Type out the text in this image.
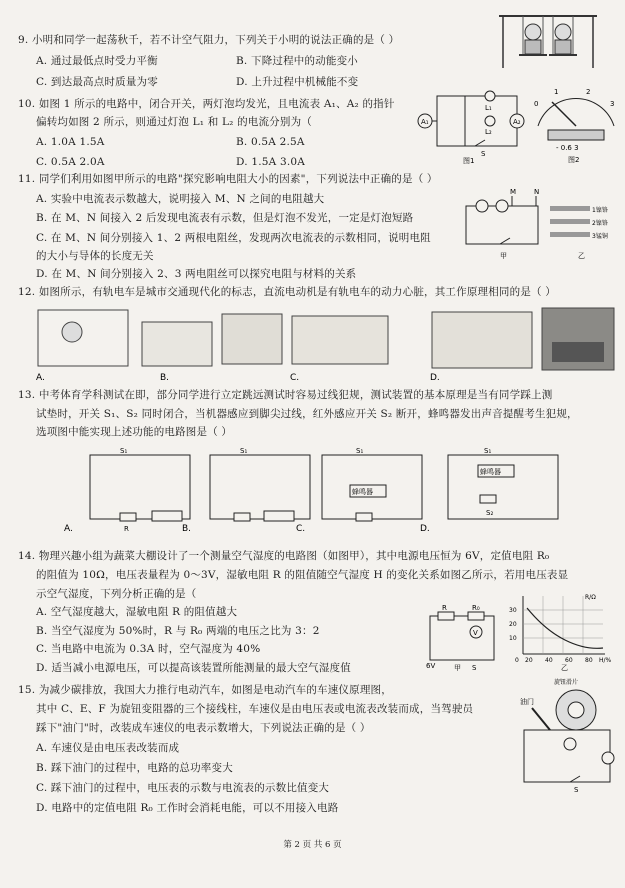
9. 小明和同学一起荡秋千，若不计空气阻力，下列关于小明的说法正确的是（ ）
A. 通过最低点时受力平衡	B. 下降过程中的动能变小
C. 到达最高点时质量为零	D. 上升过程中机械能不变
10. 如图 1 所示的电路中，闭合开关，两灯泡均发光，且电流表 A₁、A₂ 的指针
偏转均如图 2 所示，则通过灯泡 L₁ 和 L₂ 的电流分别为（
A. 1.0A 1.5A	B. 0.5A 2.5A
C. 0.5A 2.0A	D. 1.5A 3.0A
A₁	A₂
L₁
L₂
S
图1
0
1	2
3
- 0.6 3
图2
11. 同学们利用如图甲所示的电路"探究影响电阻大小的因素"，下列说法中正确的是（ ）
A. 实验中电流表示数越大，说明接入 M、N 之间的电阻越大
B. 在 M、N 间接入 2 后发现电流表有示数，但是灯泡不发光，一定是灯泡短路
C. 在 M、N 间分别接入 1、2 两根电阻丝，发现两次电流表的示数相同，说明电阻
的大小与导体的长度无关
D. 在 M、N 间分别接入 2、3 两电阻丝可以探究电阻与材料的关系
M	N
甲
1镍铬
2镍铬
3锰铜
乙
12. 如图所示，有轨电车是城市交通现代化的标志，直流电动机是有轨电车的动力心脏，其工作原理相同的是（ ）
A.	B.	C.	D.
13. 中考体育学科测试在即，部分同学进行立定跳远测试时容易过线犯规，测试装置的基本原理是当有同学踩上测
试垫时，开关 S₁、S₂ 同时闭合，当机器感应到脚尖过线，红外感应开关 S₂ 断开，蜂鸣器发出声音提醒考生犯规，
选项图中能实现上述功能的电路图是（ ）
S₁
R
A.
S₁
B.
S₁
蜂鸣器
C.
S₁
蜂鸣器
S₂
D.
14. 物理兴趣小组为蔬菜大棚设计了一个测量空气湿度的电路图（如图甲），其中电源电压恒为 6V，定值电阻 R₀
的阻值为 10Ω，电压表量程为 0～3V，湿敏电阻 R 的阻值随空气湿度 H 的变化关系如图乙所示，若用电压表显
示空气湿度，下列分析正确的是（
A. 空气湿度越大，湿敏电阻 R 的阻值越大
B. 当空气湿度为 50%时，R 与 R₀ 两端的电压之比为 3：2
C. 当电路中电流为 0.3A 时，空气湿度为 40%
D. 适当减小电源电压，可以提高该装置所能测量的最大空气湿度值
R	R₀
V
6V	S
甲
R/Ω
30
20
10
0 20 40 60 80 H/%
乙
15. 为减少碳排放，我国大力推行电动汽车，如图是电动汽车的车速仪原理图，
其中 C、E、F 为旋钮变阻器的三个接线柱，车速仪是由电压表或电流表改装而成，当驾驶员
踩下"油门"时，改装成车速仪的电表示数增大，下列说法正确的是（ ）
A. 车速仪是由电压表改装而成
B. 踩下油门的过程中，电路的总功率变大
C. 踩下油门的过程中，电压表的示数与电流表的示数比值变大
D. 电路中的定值电阻 R₀ 工作时会消耗电能，可以不用接入电路
旋钮滑片
油门
S
第 2 页 共 6 页
